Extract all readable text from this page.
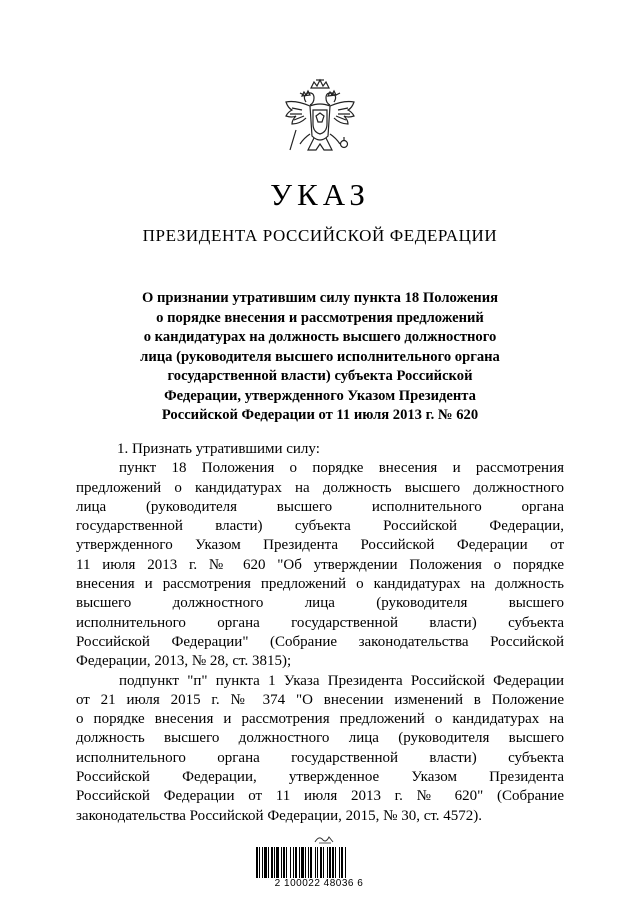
УКАЗ
ПРЕЗИДЕНТА РОССИЙСКОЙ ФЕДЕРАЦИИ
О признании утратившим силу пункта 18 Положения
о порядке внесения и рассмотрения предложений
о кандидатурах на должность высшего должностного
лица (руководителя высшего исполнительного органа
государственной власти) субъекта Российской
Федерации, утвержденного Указом Президента
Российской Федерации от 11 июля 2013 г. № 620
1. Признать утратившими силу:
пункт 18 Положения о порядке внесения и рассмотрения
предложений о кандидатурах на должность высшего должностного
лица (руководителя высшего исполнительного органа
государственной власти) субъекта Российской Федерации,
утвержденного Указом Президента Российской Федерации от
11 июля 2013 г. № 620 "Об утверждении Положения о порядке
внесения и рассмотрения предложений о кандидатурах на должность
высшего должностного лица (руководителя высшего
исполнительного органа государственной власти) субъекта
Российской Федерации" (Собрание законодательства Российской
Федерации, 2013, № 28, ст. 3815);
подпункт "п" пункта 1 Указа Президента Российской Федерации
от 21 июля 2015 г. № 374 "О внесении изменений в Положение
о порядке внесения и рассмотрения предложений о кандидатурах на
должность высшего должностного лица (руководителя высшего
исполнительного органа государственной власти) субъекта
Российской Федерации, утвержденное Указом Президента
Российской Федерации от 11 июля 2013 г. № 620" (Собрание
законодательства Российской Федерации, 2015, № 30, ст. 4572).
2 100022 48036 6
